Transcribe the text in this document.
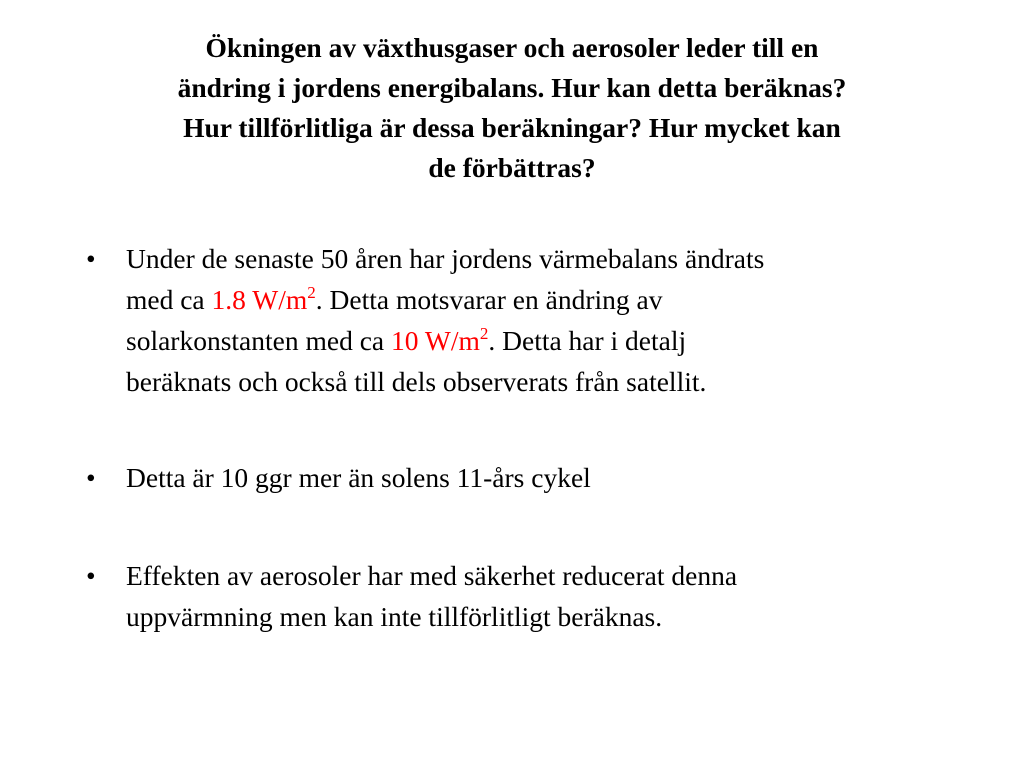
Ökningen av växthusgaser och aerosoler leder till en
ändring i jordens energibalans. Hur kan detta beräknas?
Hur tillförlitliga är dessa beräkningar? Hur mycket kan
de förbättras?
• Under de senaste 50 åren har jordens värmebalans ändrats
med ca 1.8 $W/m^2$. Detta motsvarar en ändring av
solarkonstanten med ca 10 $W/m^2$. Detta har i detalj
beräknats och också till dels observerats från satellit.
• Detta är 10 ggr mer än solens 11-års cykel
• Effekten av aerosoler har med säkerhet reducerat denna
uppvärmning men kan inte tillförlitligt beräknas.
